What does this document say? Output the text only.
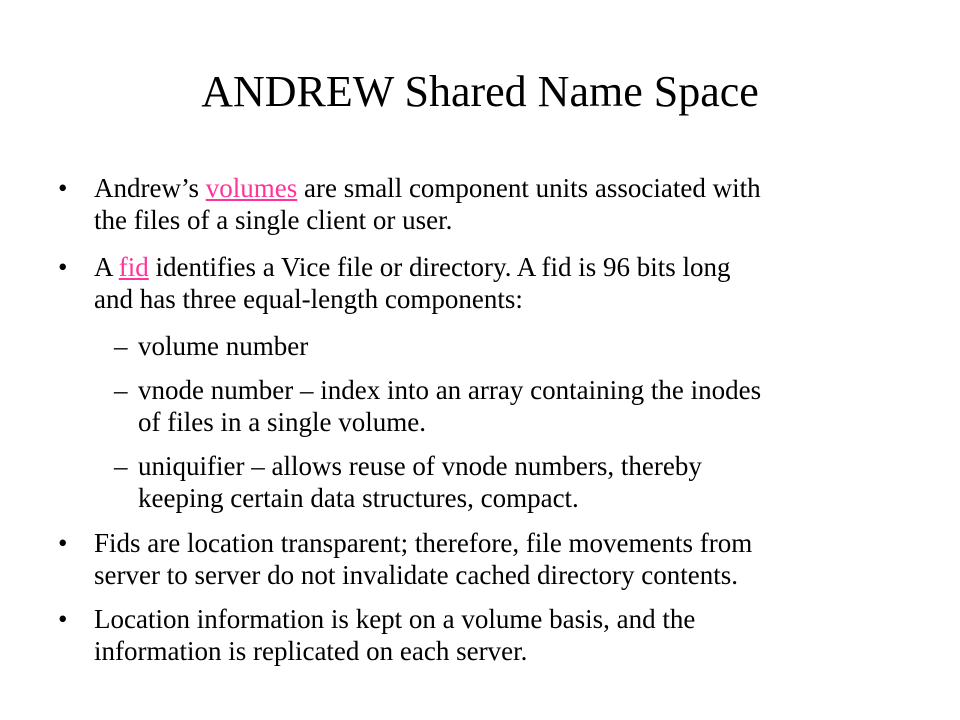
ANDREW Shared Name Space
• Andrew’s volumes are small component units associated with
the files of a single client or user.
• A fid identifies a Vice file or directory. A fid is 96 bits long
and has three equal-length components:
– volume number
– vnode number – index into an array containing the inodes
of files in a single volume.
– uniquifier – allows reuse of vnode numbers, thereby
keeping certain data structures, compact.
• Fids are location transparent; therefore, file movements from
server to server do not invalidate cached directory contents.
• Location information is kept on a volume basis, and the
information is replicated on each server.
